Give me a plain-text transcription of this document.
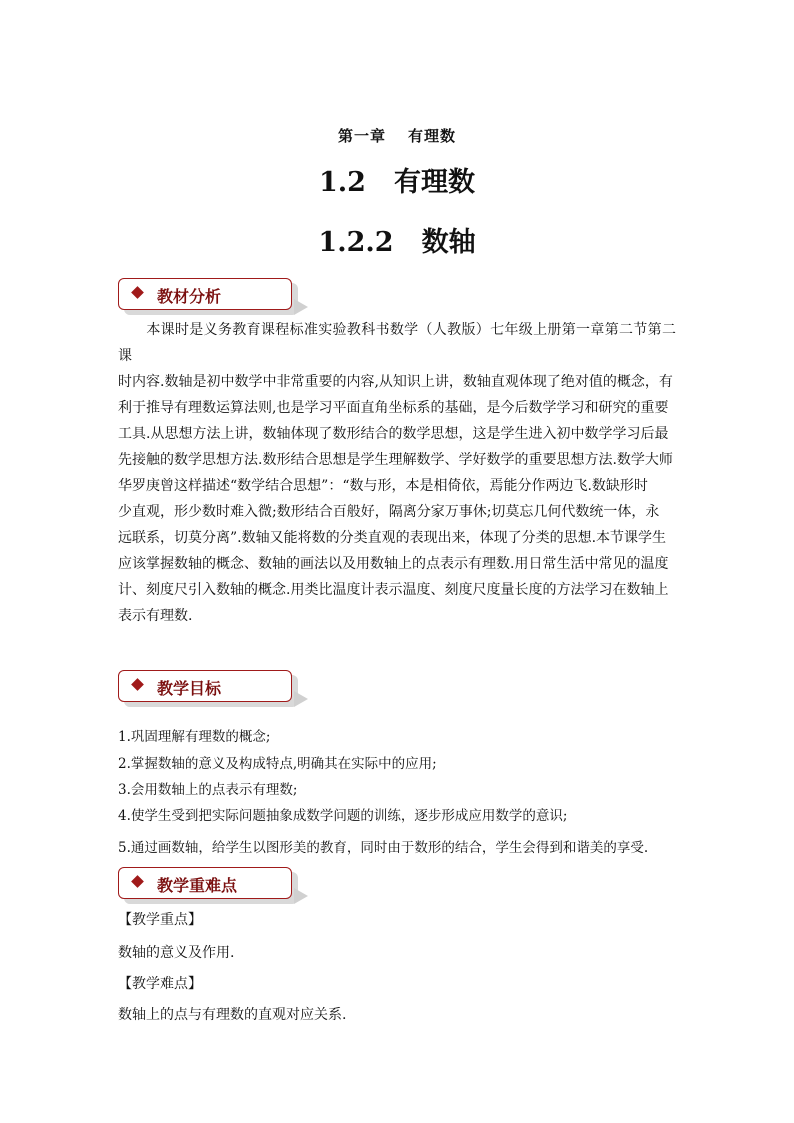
第一章 有理数
1.2 有理数
1.2.2 数轴
教材分析
本课时是义务教育课程标准实验教科书数学（人教版）七年级上册第一章第二节第二课
时内容.数轴是初中数学中非常重要的内容,从知识上讲，数轴直观体现了绝对值的概念，有
利于推导有理数运算法则,也是学习平面直角坐标系的基础，是今后数学学习和研究的重要
工具.从思想方法上讲，数轴体现了数形结合的数学思想，这是学生进入初中数学学习后最
先接触的数学思想方法.数形结合思想是学生理解数学、学好数学的重要思想方法.数学大师
华罗庚曾这样描述“数学结合思想”：“数与形，本是相倚依，焉能分作两边飞.数缺形时
少直观，形少数时难入微;数形结合百般好，隔离分家万事休;切莫忘几何代数统一体，永
远联系，切莫分离”.数轴又能将数的分类直观的表现出来，体现了分类的思想.本节课学生
应该掌握数轴的概念、数轴的画法以及用数轴上的点表示有理数.用日常生活中常见的温度
计、刻度尺引入数轴的概念.用类比温度计表示温度、刻度尺度量长度的方法学习在数轴上
表示有理数.
教学目标
1.巩固理解有理数的概念;
2.掌握数轴的意义及构成特点,明确其在实际中的应用;
3.会用数轴上的点表示有理数;
4.使学生受到把实际问题抽象成数学问题的训练，逐步形成应用数学的意识;
5.通过画数轴，给学生以图形美的教育，同时由于数形的结合，学生会得到和谐美的享受.
教学重难点
【教学重点】
数轴的意义及作用.
【教学难点】
数轴上的点与有理数的直观对应关系.
